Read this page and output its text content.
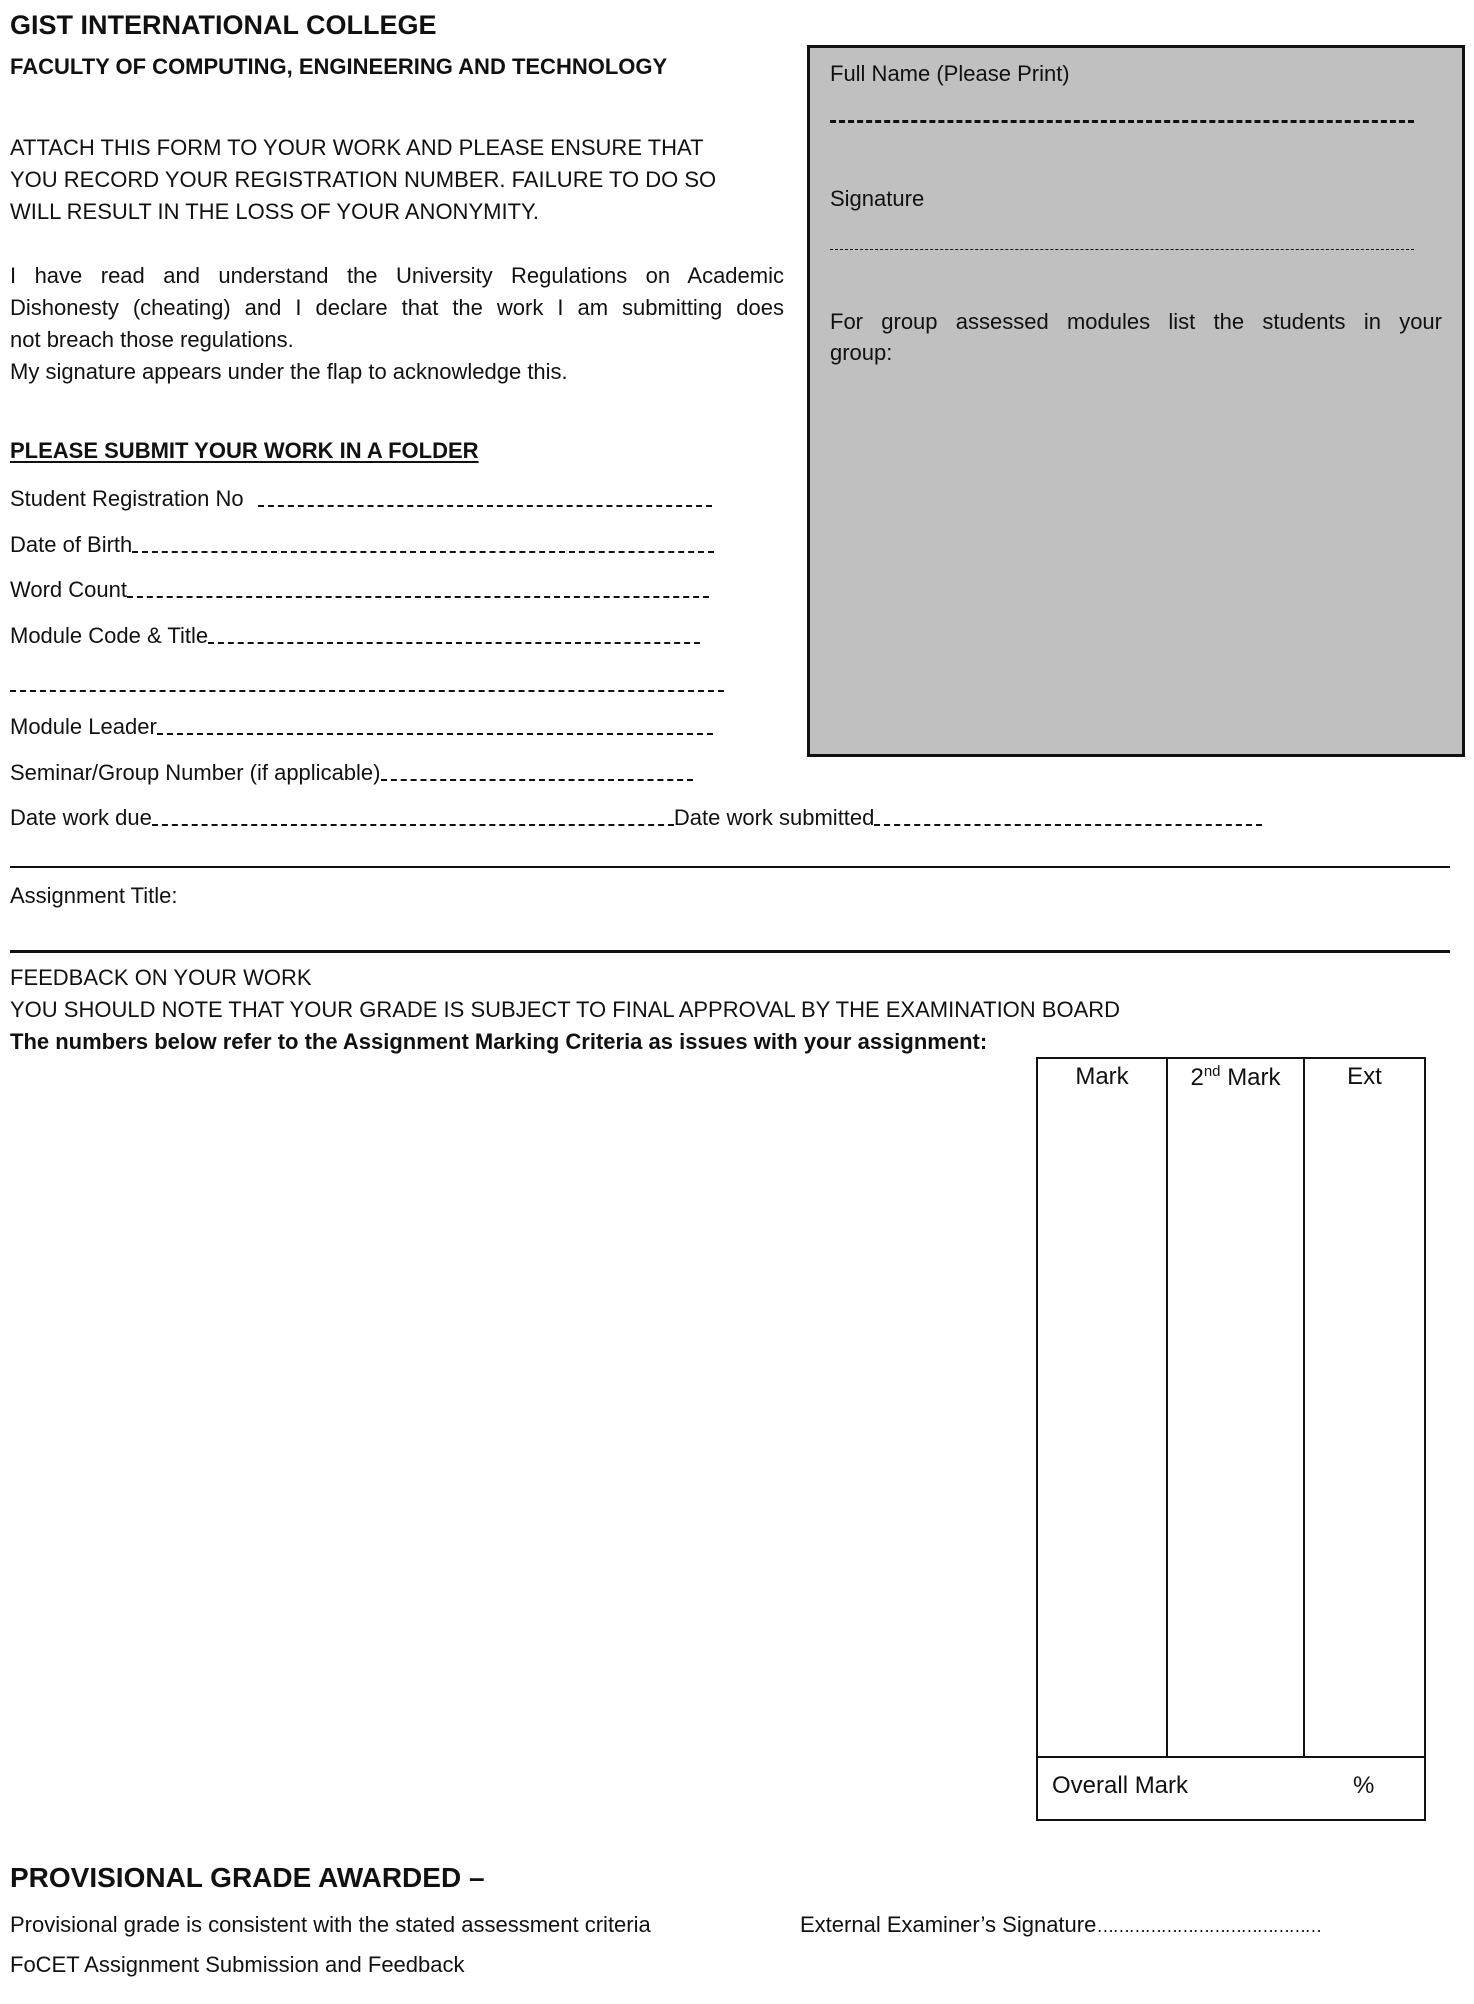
GIST INTERNATIONAL COLLEGE
FACULTY OF COMPUTING, ENGINEERING AND TECHNOLOGY
ATTACH THIS FORM TO YOUR WORK AND PLEASE ENSURE THAT
YOU RECORD YOUR REGISTRATION NUMBER. FAILURE TO DO SO
WILL RESULT IN THE LOSS OF YOUR ANONYMITY.
I have read and understand the University Regulations on Academic
Dishonesty (cheating) and I declare that the work I am submitting does
not breach those regulations.
My signature appears under the flap to acknowledge this.
PLEASE SUBMIT YOUR WORK IN A FOLDER
Student Registration No
Date of Birth
Word Count
Module Code & Title
Module Leader
Seminar/Group Number (if applicable)
Date work due	Date work submitted
Full Name (Please Print)
Signature
For group assessed modules list the students in your
group:
Assignment Title:
FEEDBACK ON YOUR WORK
YOU SHOULD NOTE THAT YOUR GRADE IS SUBJECT TO FINAL APPROVAL BY THE EXAMINATION BOARD
The numbers below refer to the Assignment Marking Criteria as issues with your assignment:
Mark	2nd Mark	Ext
Overall Mark	%
PROVISIONAL GRADE AWARDED –
Provisional grade is consistent with the stated assessment criteria	External Examiner’s Signature……………………………………
FoCET Assignment Submission and Feedback
